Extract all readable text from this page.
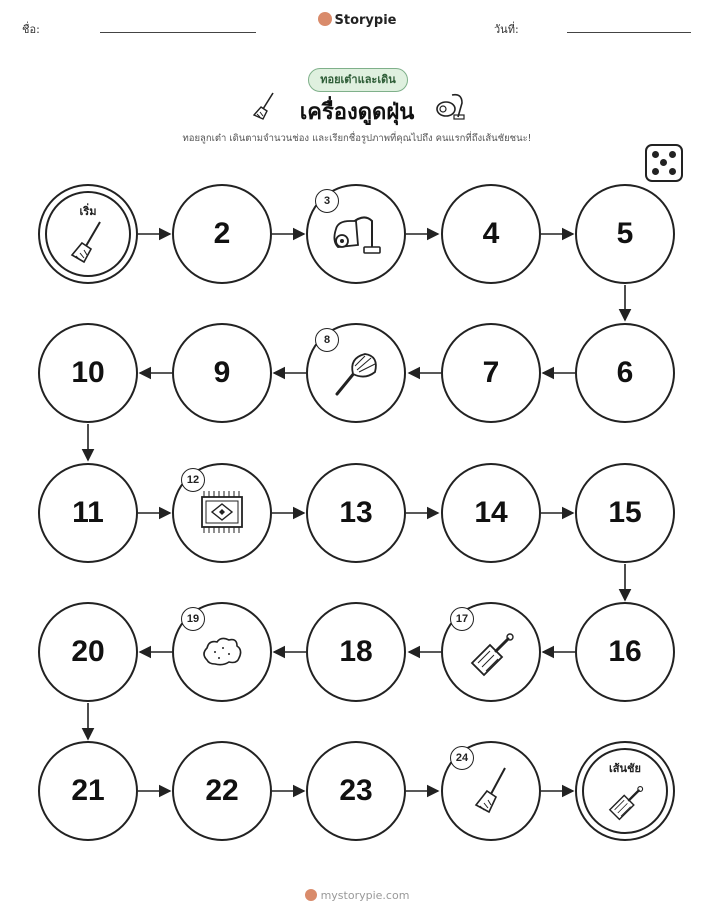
ชื่อ:
Storypie
วันที่:
ทอยเต๋าและเดิน
เครื่องดูดฝุ่น
ทอยลูกเต๋า เดินตามจำนวนช่อง และเรียกชื่อรูปภาพที่คุณไปถึง คนแรกที่ถึงเส้นชัยชนะ!
เริ่ม
2
3
4	5
10	9
8
7	6
11
12
13	14	15
20
19
18
17
16
21	22	23
24
เส้นชัย
mystorypie.com
